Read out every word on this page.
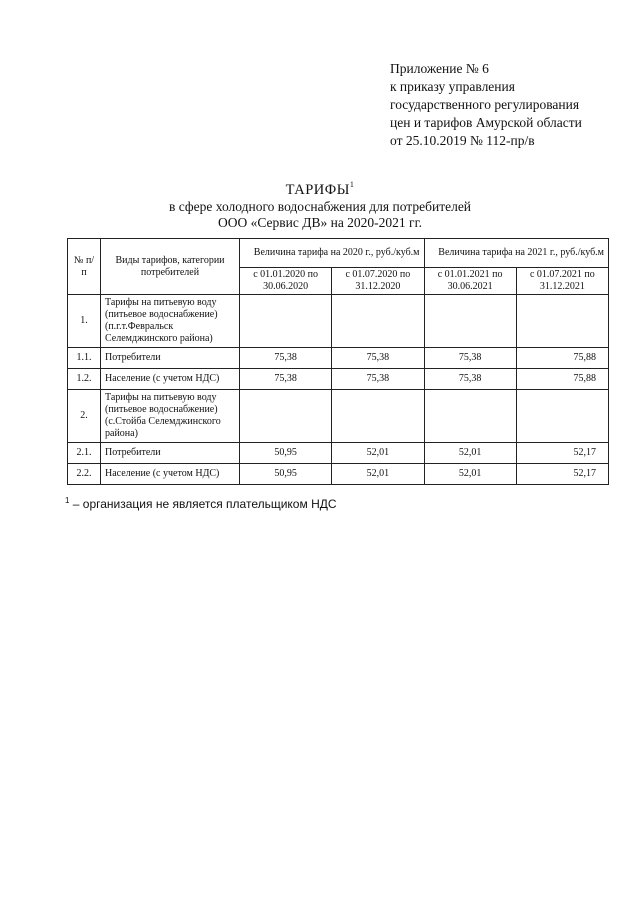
Приложение № 6
к приказу управления
государственного регулирования
цен и тарифов Амурской области
от 25.10.2019 № 112-пр/в
ТАРИФЫ$^1$
в сфере холодного водоснабжения для потребителей
ООО «Сервис ДВ» на 2020-2021 гг.
№ п/п	Виды тарифов, категории потребителей	Величина тарифа на 2020 г., руб./куб.м		Величина тарифа на 2021 г., руб./куб.м	
		с 01.01.2020 по 30.06.2020	с 01.07.2020 по 31.12.2020	с 01.01.2021 по 30.06.2021	с 01.07.2021 по 31.12.2021
1.	Тарифы на питьевую воду (питьевое водоснабжение) (п.г.т.Февральск Селемджинского района)				
1.1.	Потребители	75,38	75,38	75,38	75,88
1.2.	Население (с учетом НДС)	75,38	75,38	75,38	75,88
2.	Тарифы на питьевую воду (питьевое водоснабжение) (с.Стойба Селемджинского района)				
2.1.	Потребители	50,95	52,01	52,01	52,17
2.2.	Население (с учетом НДС)	50,95	52,01	52,01	52,17
$^1$ – организация не является плательщиком НДС
